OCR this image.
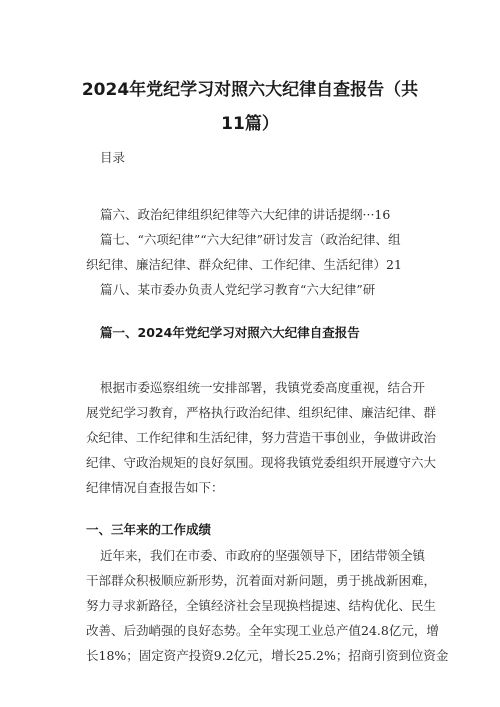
2024年党纪学习对照六大纪律自查报告（共
11篇）
目录
篇六、政治纪律组织纪律等六大纪律的讲话提纲···16
篇七、“六项纪律”“六大纪律”研讨发言（政治纪律、组
织纪律、廉洁纪律、群众纪律、工作纪律、生活纪律）21
篇八、某市委办负责人党纪学习教育“六大纪律”研
篇一、2024年党纪学习对照六大纪律自查报告
根据市委巡察组统一安排部署，我镇党委高度重视，结合开
展党纪学习教育，严格执行政治纪律、组织纪律、廉洁纪律、群
众纪律、工作纪律和生活纪律，努力营造干事创业，争做讲政治
纪律、守政治规矩的良好氛围。现将我镇党委组织开展遵守六大
纪律情况自查报告如下：
一、三年来的工作成绩
近年来，我们在市委、市政府的坚强领导下，团结带领全镇
干部群众积极顺应新形势，沉着面对新问题，勇于挑战新困难，
努力寻求新路径，全镇经济社会呈现换档提速、结构优化、民生
改善、后劲峭强的良好态势。全年实现工业总产值24.8亿元，增
长18%；固定资产投资9.2亿元，增长25.2%；招商引资到位资金
